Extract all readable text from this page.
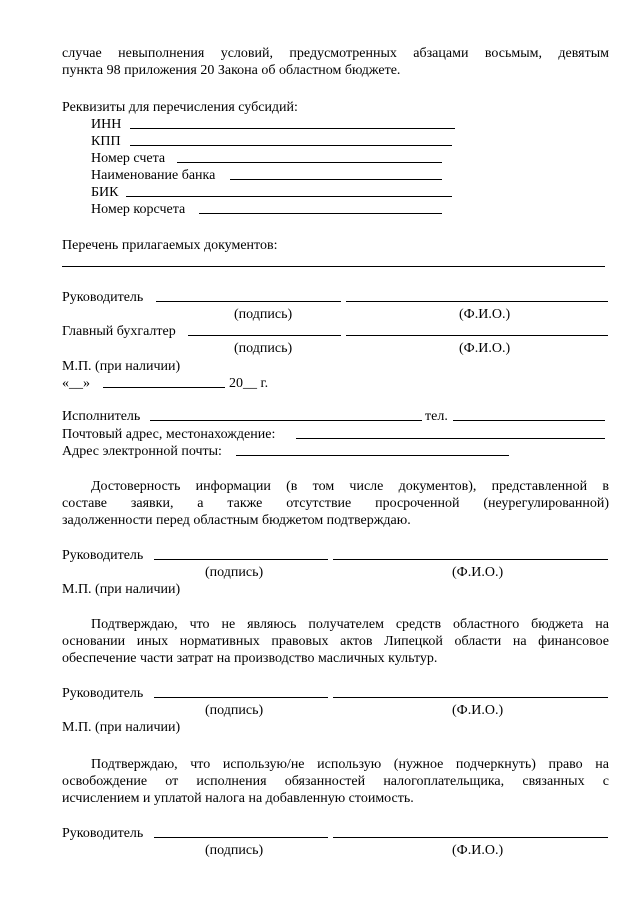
случае невыполнения условий, предусмотренных абзацами восьмым, девятым
пункта 98 приложения 20 Закона об областном бюджете.
Реквизиты для перечисления субсидий:
ИНН
КПП
Номер счета
Наименование банка
БИК
Номер корсчета
Перечень прилагаемых документов:
Руководитель
(подпись)	(Ф.И.О.)
Главный бухгалтер
(подпись)	(Ф.И.О.)
М.П. (при наличии)
«__»	20__ г.
Исполнитель	тел.
Почтовый адрес, местонахождение:
Адрес электронной почты:
Достоверность информации (в том числе документов), представленной в
составе заявки, а также отсутствие просроченной (неурегулированной)
задолженности перед областным бюджетом подтверждаю.
Руководитель
(подпись)	(Ф.И.О.)
М.П. (при наличии)
Подтверждаю, что не являюсь получателем средств областного бюджета на
основании иных нормативных правовых актов Липецкой области на финансовое
обеспечение части затрат на производство масличных культур.
Руководитель
(подпись)	(Ф.И.О.)
М.П. (при наличии)
Подтверждаю, что использую/не использую (нужное подчеркнуть) право на
освобождение от исполнения обязанностей налогоплательщика, связанных с
исчислением и уплатой налога на добавленную стоимость.
Руководитель
(подпись)	(Ф.И.О.)
